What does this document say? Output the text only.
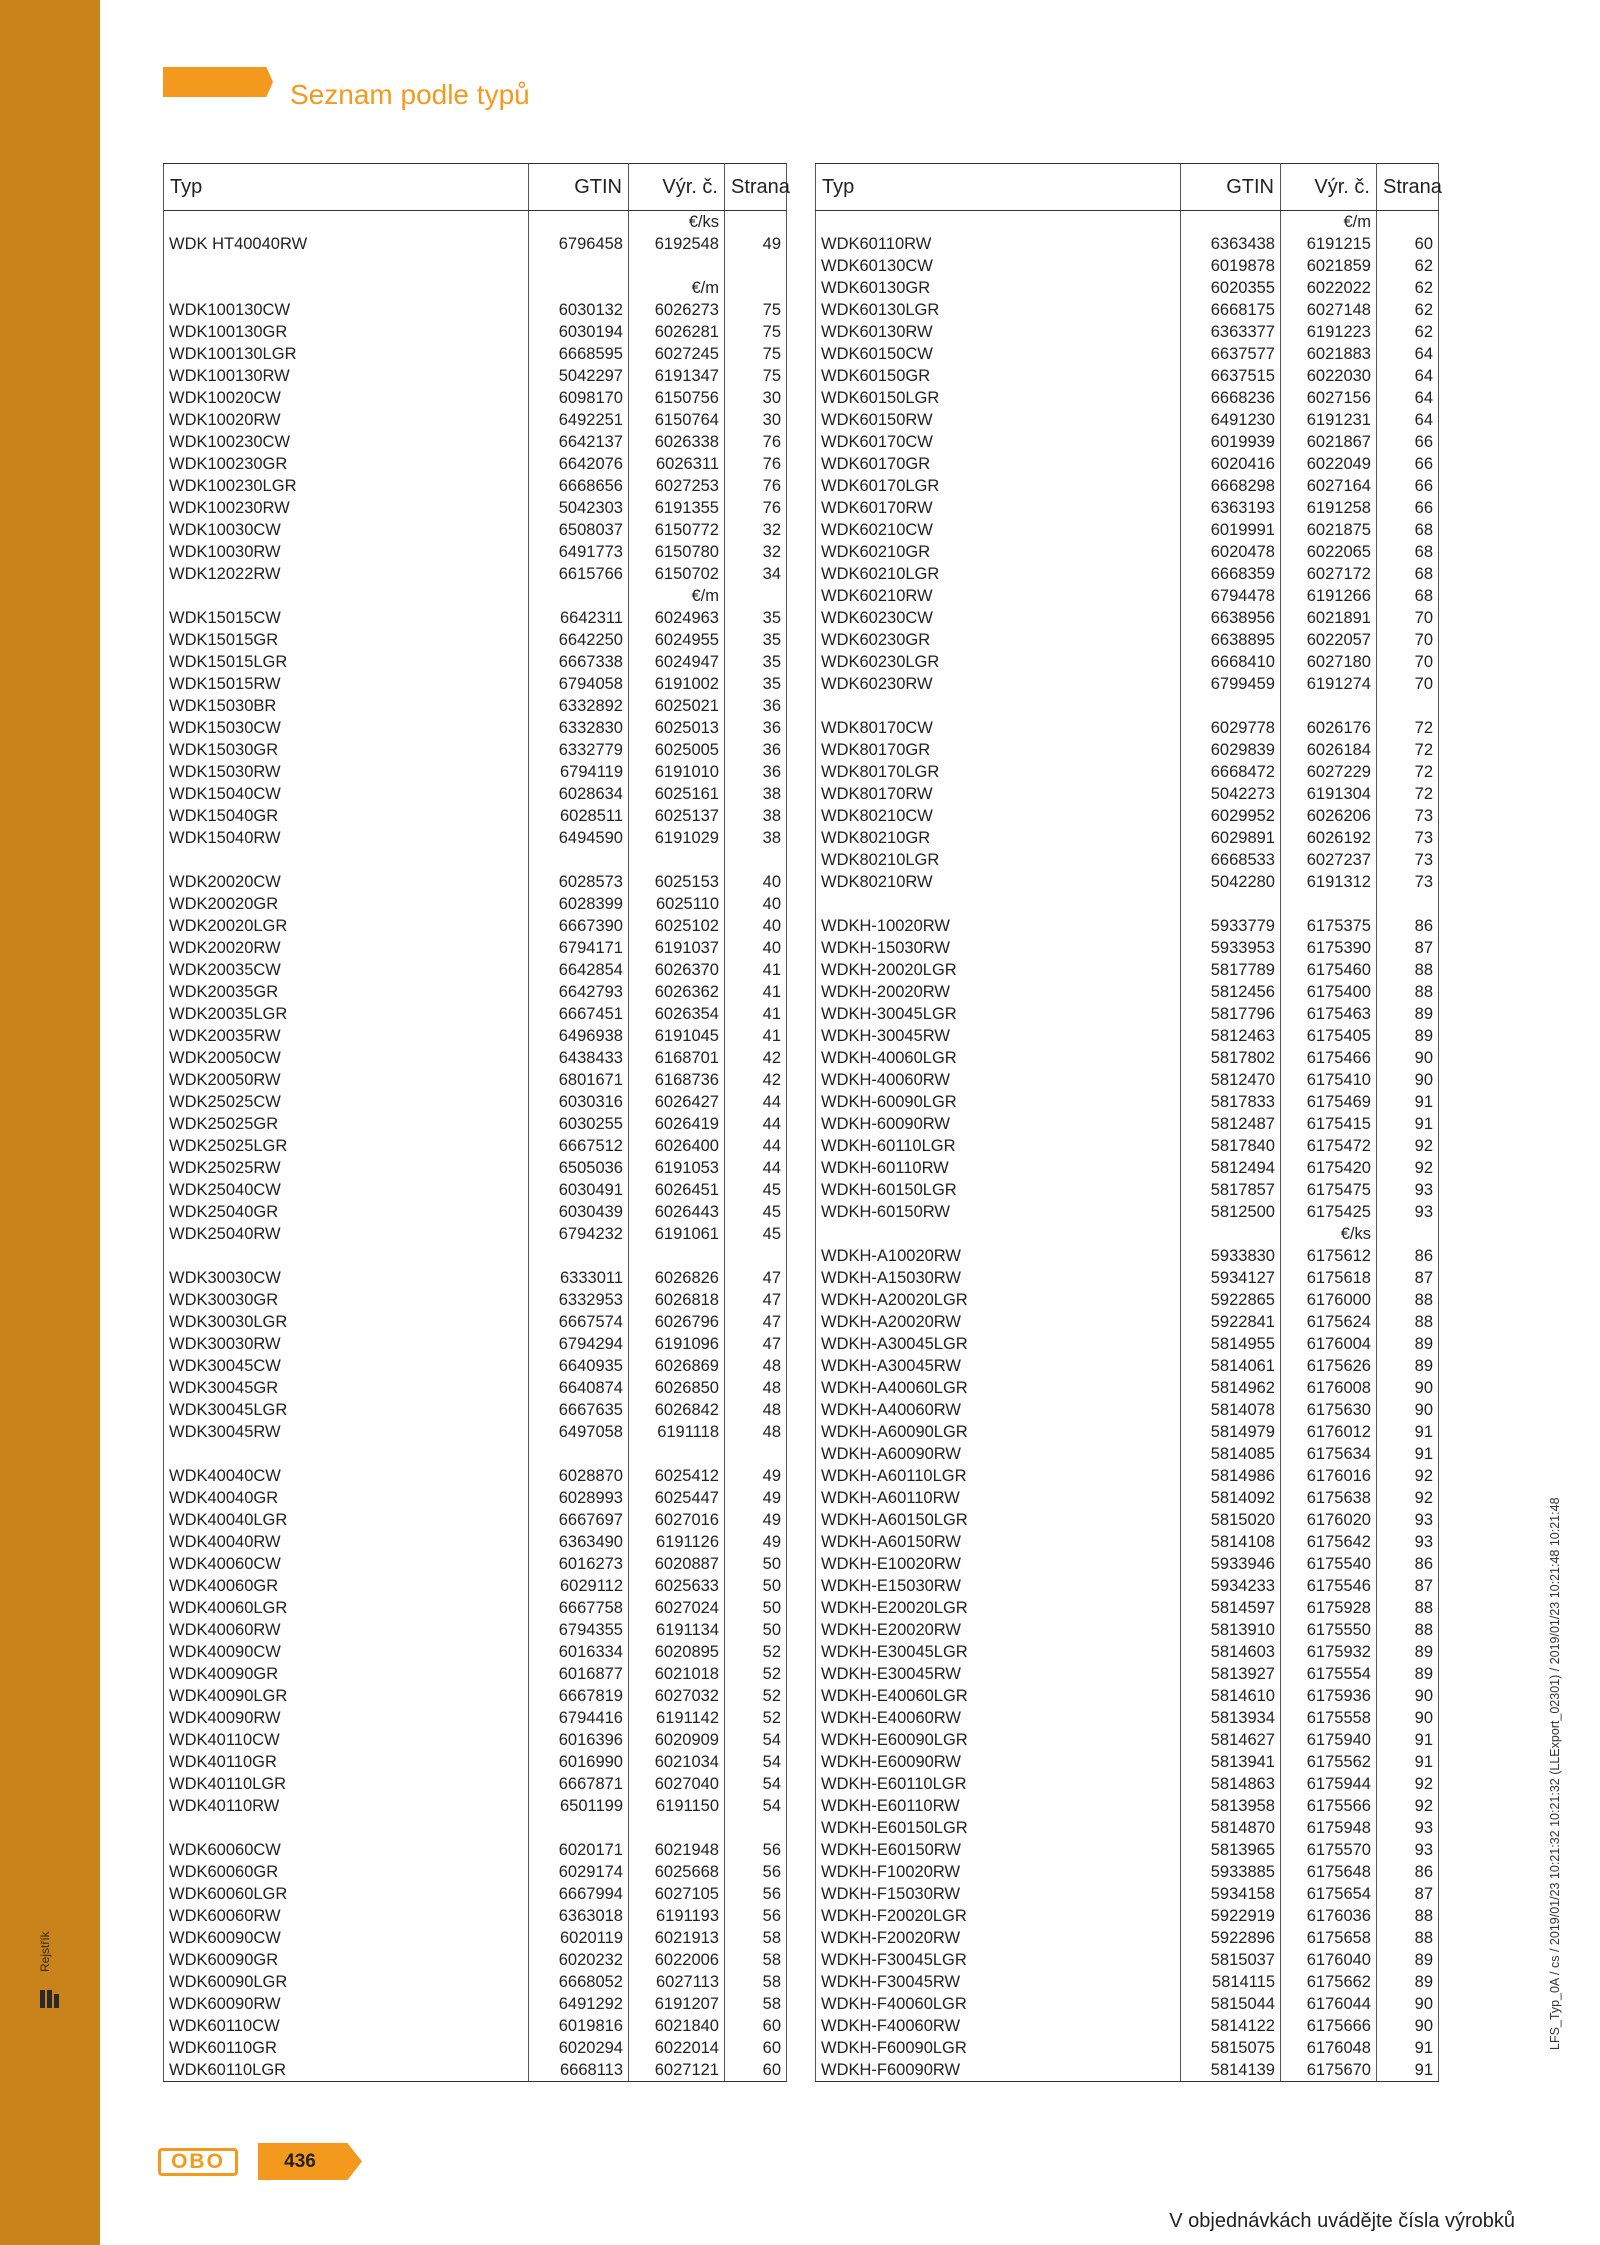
Rejstřík
Seznam podle typů
Typ	GTIN	Výr. č.	Strana
		€/ks	
WDK HT40040RW	6796458	6192548	49

		€/m	
WDK100130CW	6030132	6026273	75
WDK100130GR	6030194	6026281	75
WDK100130LGR	6668595	6027245	75
WDK100130RW	5042297	6191347	75
WDK10020CW	6098170	6150756	30
WDK10020RW	6492251	6150764	30
WDK100230CW	6642137	6026338	76
WDK100230GR	6642076	6026311	76
WDK100230LGR	6668656	6027253	76
WDK100230RW	5042303	6191355	76
WDK10030CW	6508037	6150772	32
WDK10030RW	6491773	6150780	32
WDK12022RW	6615766	6150702	34
		€/m	
WDK15015CW	6642311	6024963	35
WDK15015GR	6642250	6024955	35
WDK15015LGR	6667338	6024947	35
WDK15015RW	6794058	6191002	35
WDK15030BR	6332892	6025021	36
WDK15030CW	6332830	6025013	36
WDK15030GR	6332779	6025005	36
WDK15030RW	6794119	6191010	36
WDK15040CW	6028634	6025161	38
WDK15040GR	6028511	6025137	38
WDK15040RW	6494590	6191029	38

WDK20020CW	6028573	6025153	40
WDK20020GR	6028399	6025110	40
WDK20020LGR	6667390	6025102	40
WDK20020RW	6794171	6191037	40
WDK20035CW	6642854	6026370	41
WDK20035GR	6642793	6026362	41
WDK20035LGR	6667451	6026354	41
WDK20035RW	6496938	6191045	41
WDK20050CW	6438433	6168701	42
WDK20050RW	6801671	6168736	42
WDK25025CW	6030316	6026427	44
WDK25025GR	6030255	6026419	44
WDK25025LGR	6667512	6026400	44
WDK25025RW	6505036	6191053	44
WDK25040CW	6030491	6026451	45
WDK25040GR	6030439	6026443	45
WDK25040RW	6794232	6191061	45

WDK30030CW	6333011	6026826	47
WDK30030GR	6332953	6026818	47
WDK30030LGR	6667574	6026796	47
WDK30030RW	6794294	6191096	47
WDK30045CW	6640935	6026869	48
WDK30045GR	6640874	6026850	48
WDK30045LGR	6667635	6026842	48
WDK30045RW	6497058	6191118	48

WDK40040CW	6028870	6025412	49
WDK40040GR	6028993	6025447	49
WDK40040LGR	6667697	6027016	49
WDK40040RW	6363490	6191126	49
WDK40060CW	6016273	6020887	50
WDK40060GR	6029112	6025633	50
WDK40060LGR	6667758	6027024	50
WDK40060RW	6794355	6191134	50
WDK40090CW	6016334	6020895	52
WDK40090GR	6016877	6021018	52
WDK40090LGR	6667819	6027032	52
WDK40090RW	6794416	6191142	52
WDK40110CW	6016396	6020909	54
WDK40110GR	6016990	6021034	54
WDK40110LGR	6667871	6027040	54
WDK40110RW	6501199	6191150	54

WDK60060CW	6020171	6021948	56
WDK60060GR	6029174	6025668	56
WDK60060LGR	6667994	6027105	56
WDK60060RW	6363018	6191193	56
WDK60090CW	6020119	6021913	58
WDK60090GR	6020232	6022006	58
WDK60090LGR	6668052	6027113	58
WDK60090RW	6491292	6191207	58
WDK60110CW	6019816	6021840	60
WDK60110GR	6020294	6022014	60
WDK60110LGR	6668113	6027121	60
Typ	GTIN	Výr. č.	Strana
		€/m	
WDK60110RW	6363438	6191215	60
WDK60130CW	6019878	6021859	62
WDK60130GR	6020355	6022022	62
WDK60130LGR	6668175	6027148	62
WDK60130RW	6363377	6191223	62
WDK60150CW	6637577	6021883	64
WDK60150GR	6637515	6022030	64
WDK60150LGR	6668236	6027156	64
WDK60150RW	6491230	6191231	64
WDK60170CW	6019939	6021867	66
WDK60170GR	6020416	6022049	66
WDK60170LGR	6668298	6027164	66
WDK60170RW	6363193	6191258	66
WDK60210CW	6019991	6021875	68
WDK60210GR	6020478	6022065	68
WDK60210LGR	6668359	6027172	68
WDK60210RW	6794478	6191266	68
WDK60230CW	6638956	6021891	70
WDK60230GR	6638895	6022057	70
WDK60230LGR	6668410	6027180	70
WDK60230RW	6799459	6191274	70

WDK80170CW	6029778	6026176	72
WDK80170GR	6029839	6026184	72
WDK80170LGR	6668472	6027229	72
WDK80170RW	5042273	6191304	72
WDK80210CW	6029952	6026206	73
WDK80210GR	6029891	6026192	73
WDK80210LGR	6668533	6027237	73
WDK80210RW	5042280	6191312	73

WDKH-10020RW	5933779	6175375	86
WDKH-15030RW	5933953	6175390	87
WDKH-20020LGR	5817789	6175460	88
WDKH-20020RW	5812456	6175400	88
WDKH-30045LGR	5817796	6175463	89
WDKH-30045RW	5812463	6175405	89
WDKH-40060LGR	5817802	6175466	90
WDKH-40060RW	5812470	6175410	90
WDKH-60090LGR	5817833	6175469	91
WDKH-60090RW	5812487	6175415	91
WDKH-60110LGR	5817840	6175472	92
WDKH-60110RW	5812494	6175420	92
WDKH-60150LGR	5817857	6175475	93
WDKH-60150RW	5812500	6175425	93
		€/ks	
WDKH-A10020RW	5933830	6175612	86
WDKH-A15030RW	5934127	6175618	87
WDKH-A20020LGR	5922865	6176000	88
WDKH-A20020RW	5922841	6175624	88
WDKH-A30045LGR	5814955	6176004	89
WDKH-A30045RW	5814061	6175626	89
WDKH-A40060LGR	5814962	6176008	90
WDKH-A40060RW	5814078	6175630	90
WDKH-A60090LGR	5814979	6176012	91
WDKH-A60090RW	5814085	6175634	91
WDKH-A60110LGR	5814986	6176016	92
WDKH-A60110RW	5814092	6175638	92
WDKH-A60150LGR	5815020	6176020	93
WDKH-A60150RW	5814108	6175642	93
WDKH-E10020RW	5933946	6175540	86
WDKH-E15030RW	5934233	6175546	87
WDKH-E20020LGR	5814597	6175928	88
WDKH-E20020RW	5813910	6175550	88
WDKH-E30045LGR	5814603	6175932	89
WDKH-E30045RW	5813927	6175554	89
WDKH-E40060LGR	5814610	6175936	90
WDKH-E40060RW	5813934	6175558	90
WDKH-E60090LGR	5814627	6175940	91
WDKH-E60090RW	5813941	6175562	91
WDKH-E60110LGR	5814863	6175944	92
WDKH-E60110RW	5813958	6175566	92
WDKH-E60150LGR	5814870	6175948	93
WDKH-E60150RW	5813965	6175570	93
WDKH-F10020RW	5933885	6175648	86
WDKH-F15030RW	5934158	6175654	87
WDKH-F20020LGR	5922919	6176036	88
WDKH-F20020RW	5922896	6175658	88
WDKH-F30045LGR	5815037	6176040	89
WDKH-F30045RW	5814115	6175662	89
WDKH-F40060LGR	5815044	6176044	90
WDKH-F40060RW	5814122	6175666	90
WDKH-F60090LGR	5815075	6176048	91
WDKH-F60090RW	5814139	6175670	91
LFS_Typ_0A / cs / 2019/01/23 10:21:32 10:21:32 (LLExport_02301) / 2019/01/23 10:21:48 10:21:48
OBO	436
V objednávkách uvádějte čísla výrobků
